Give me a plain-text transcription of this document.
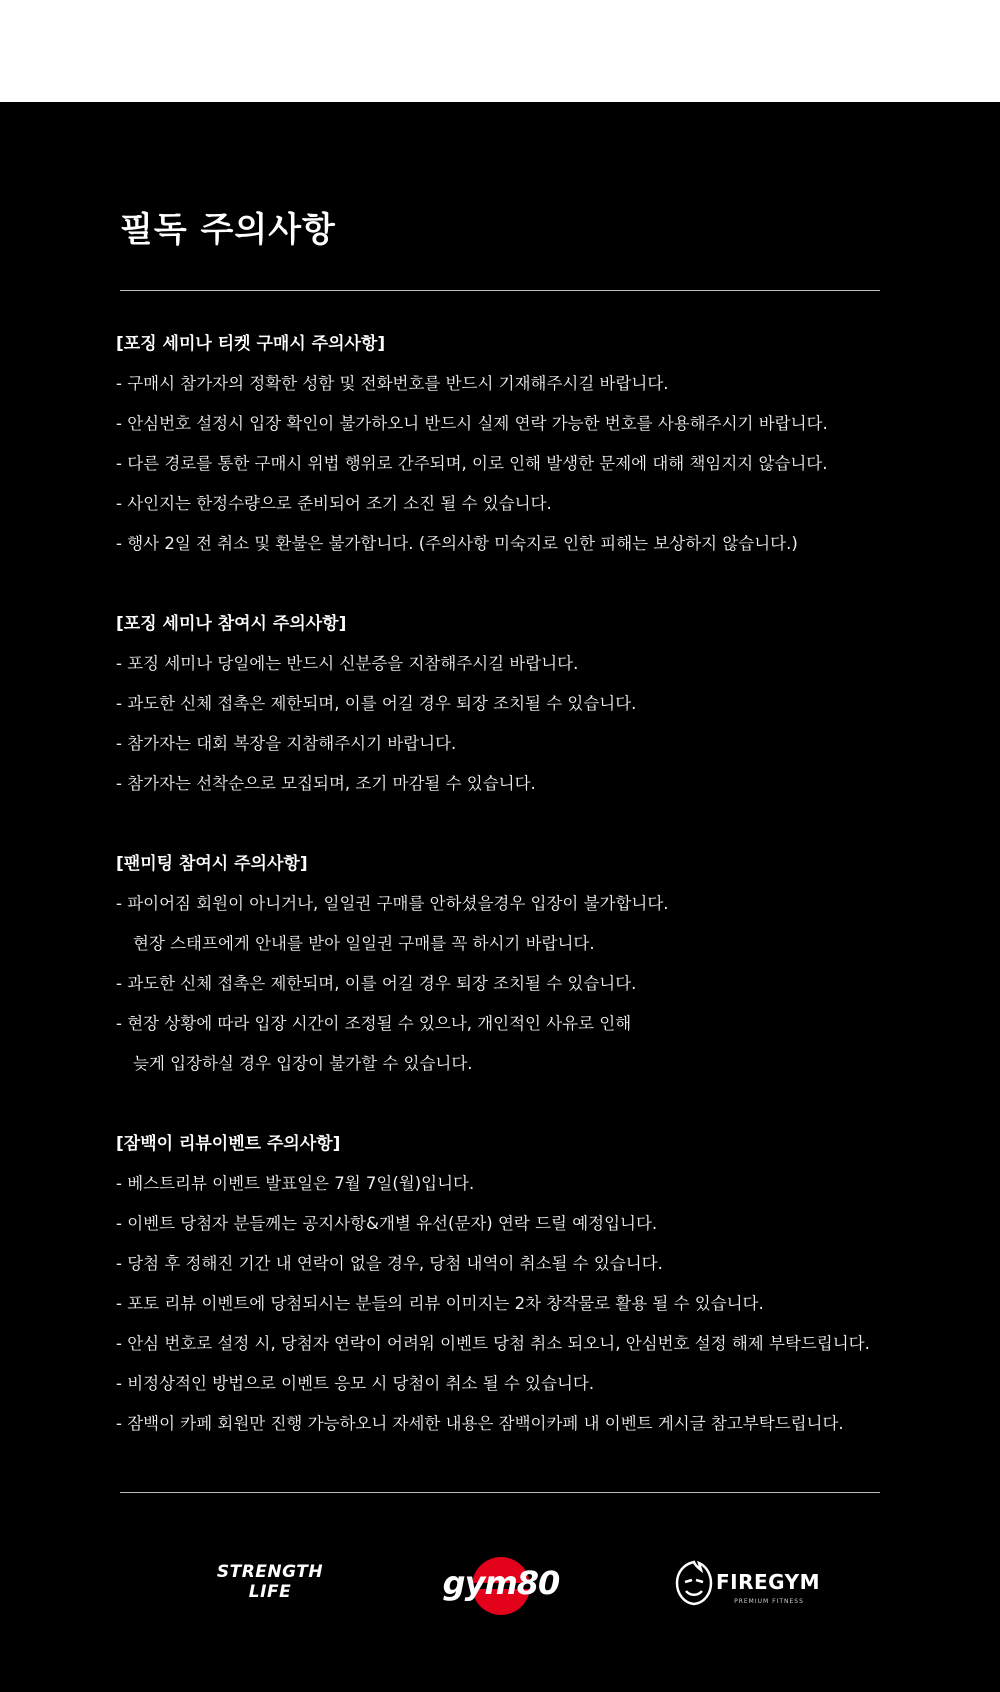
필독 주의사항
[포징 세미나 티켓 구매시 주의사항]
- 구매시 참가자의 정확한 성함 및 전화번호를 반드시 기재해주시길 바랍니다.
- 안심번호 설정시 입장 확인이 불가하오니 반드시 실제 연락 가능한 번호를 사용해주시기 바랍니다.
- 다른 경로를 통한 구매시 위법 행위로 간주되며, 이로 인해 발생한 문제에 대해 책임지지 않습니다.
- 사인지는 한정수량으로 준비되어 조기 소진 될 수 있습니다.
- 행사 2일 전 취소 및 환불은 불가합니다. (주의사항 미숙지로 인한 피해는 보상하지 않습니다.)
[포징 세미나 참여시 주의사항]
- 포징 세미나 당일에는 반드시 신분증을 지참해주시길 바랍니다.
- 과도한 신체 접촉은 제한되며, 이를 어길 경우 퇴장 조치될 수 있습니다.
- 참가자는 대회 복장을 지참해주시기 바랍니다.
- 참가자는 선착순으로 모집되며, 조기 마감될 수 있습니다.
[팬미팅 참여시 주의사항]
- 파이어짐 회원이 아니거나, 일일권 구매를 안하셨을경우 입장이 불가합니다.
현장 스태프에게 안내를 받아 일일권 구매를 꼭 하시기 바랍니다.
- 과도한 신체 접촉은 제한되며, 이를 어길 경우 퇴장 조치될 수 있습니다.
- 현장 상황에 따라 입장 시간이 조정될 수 있으나, 개인적인 사유로 인해
늦게 입장하실 경우 입장이 불가할 수 있습니다.
[잠백이 리뷰이벤트 주의사항]
- 베스트리뷰 이벤트 발표일은 7월 7일(월)입니다.
- 이벤트 당첨자 분들께는 공지사항&개별 유선(문자) 연락 드릴 예정입니다.
- 당첨 후 정해진 기간 내 연락이 없을 경우, 당첨 내역이 취소될 수 있습니다.
- 포토 리뷰 이벤트에 당첨되시는 분들의 리뷰 이미지는 2차 창작물로 활용 될 수 있습니다.
- 안심 번호로 설정 시, 당첨자 연락이 어려워 이벤트 당첨 취소 되오니, 안심번호 설정 해제 부탁드립니다.
- 비정상적인 방법으로 이벤트 응모 시 당첨이 취소 될 수 있습니다.
- 잠백이 카페 회원만 진행 가능하오니 자세한 내용은 잠백이카페 내 이벤트 게시글 참고부탁드립니다.
STRENGTH
LIFE	gym80	FIREGYM
PREMIUM FITNESS
